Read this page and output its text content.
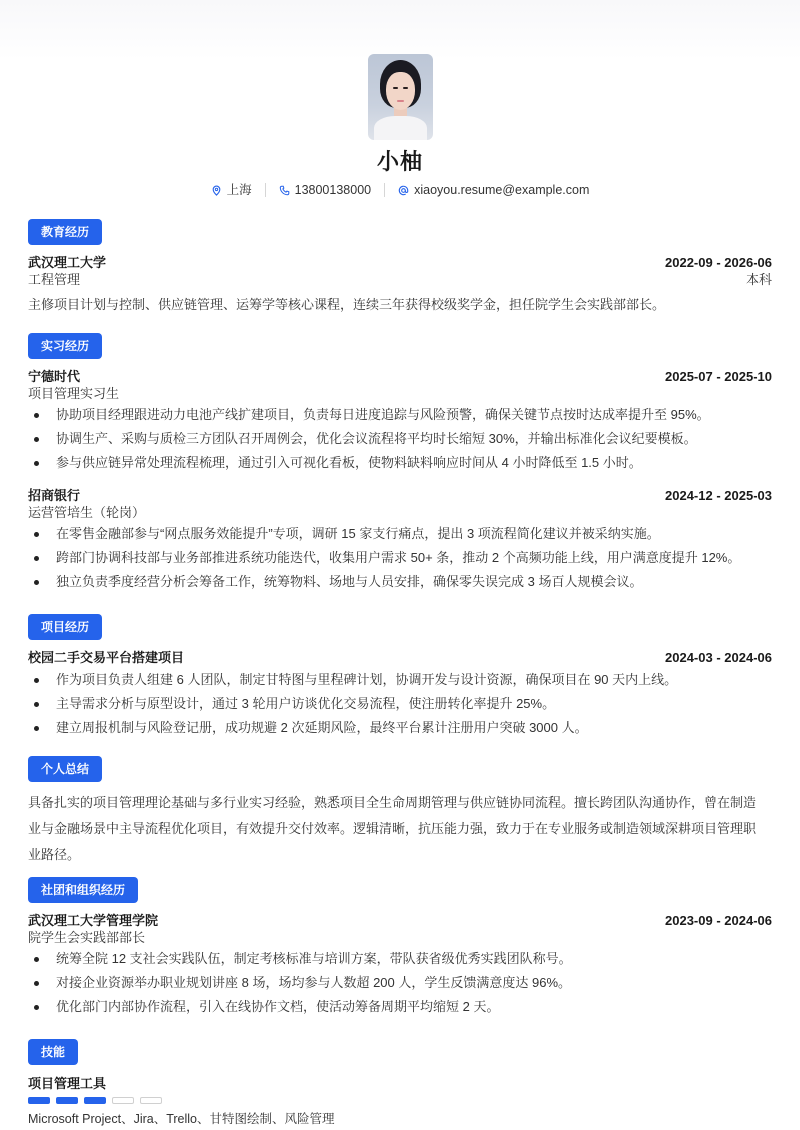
小柚
上海	13800138000	xiaoyou.resume@example.com
教育经历
武汉理工大学	2022-09 - 2026-06
工程管理	本科
主修项目计划与控制、供应链管理、运筹学等核心课程，连续三年获得校级奖学金，担任院学生会实践部部长。
实习经历
宁德时代	2025-07 - 2025-10
项目管理实习生
协助项目经理跟进动力电池产线扩建项目，负责每日进度追踪与风险预警，确保关键节点按时达成率提升至 95%。
协调生产、采购与质检三方团队召开周例会，优化会议流程将平均时长缩短 30%，并输出标准化会议纪要模板。
参与供应链异常处理流程梳理，通过引入可视化看板，使物料缺料响应时间从 4 小时降低至 1.5 小时。
招商银行	2024-12 - 2025-03
运营管培生（轮岗）
在零售金融部参与“网点服务效能提升”专项，调研 15 家支行痛点，提出 3 项流程简化建议并被采纳实施。
跨部门协调科技部与业务部推进系统功能迭代，收集用户需求 50+ 条，推动 2 个高频功能上线，用户满意度提升 12%。
独立负责季度经营分析会筹备工作，统筹物料、场地与人员安排，确保零失误完成 3 场百人规模会议。
项目经历
校园二手交易平台搭建项目	2024-03 - 2024-06
作为项目负责人组建 6 人团队，制定甘特图与里程碑计划，协调开发与设计资源，确保项目在 90 天内上线。
主导需求分析与原型设计，通过 3 轮用户访谈优化交易流程，使注册转化率提升 25%。
建立周报机制与风险登记册，成功规避 2 次延期风险，最终平台累计注册用户突破 3000 人。
个人总结
具备扎实的项目管理理论基础与多行业实习经验，熟悉项目全生命周期管理与供应链协同流程。擅长跨团队沟通协作，曾在制造
业与金融场景中主导流程优化项目，有效提升交付效率。逻辑清晰，抗压能力强，致力于在专业服务或制造领域深耕项目管理职
业路径。
社团和组织经历
武汉理工大学管理学院	2023-09 - 2024-06
院学生会实践部部长
统筹全院 12 支社会实践队伍，制定考核标准与培训方案，带队获省级优秀实践团队称号。
对接企业资源举办职业规划讲座 8 场，场均参与人数超 200 人，学生反馈满意度达 96%。
优化部门内部协作流程，引入在线协作文档，使活动筹备周期平均缩短 2 天。
技能
项目管理工具
Microsoft Project、Jira、Trello、甘特图绘制、风险管理
